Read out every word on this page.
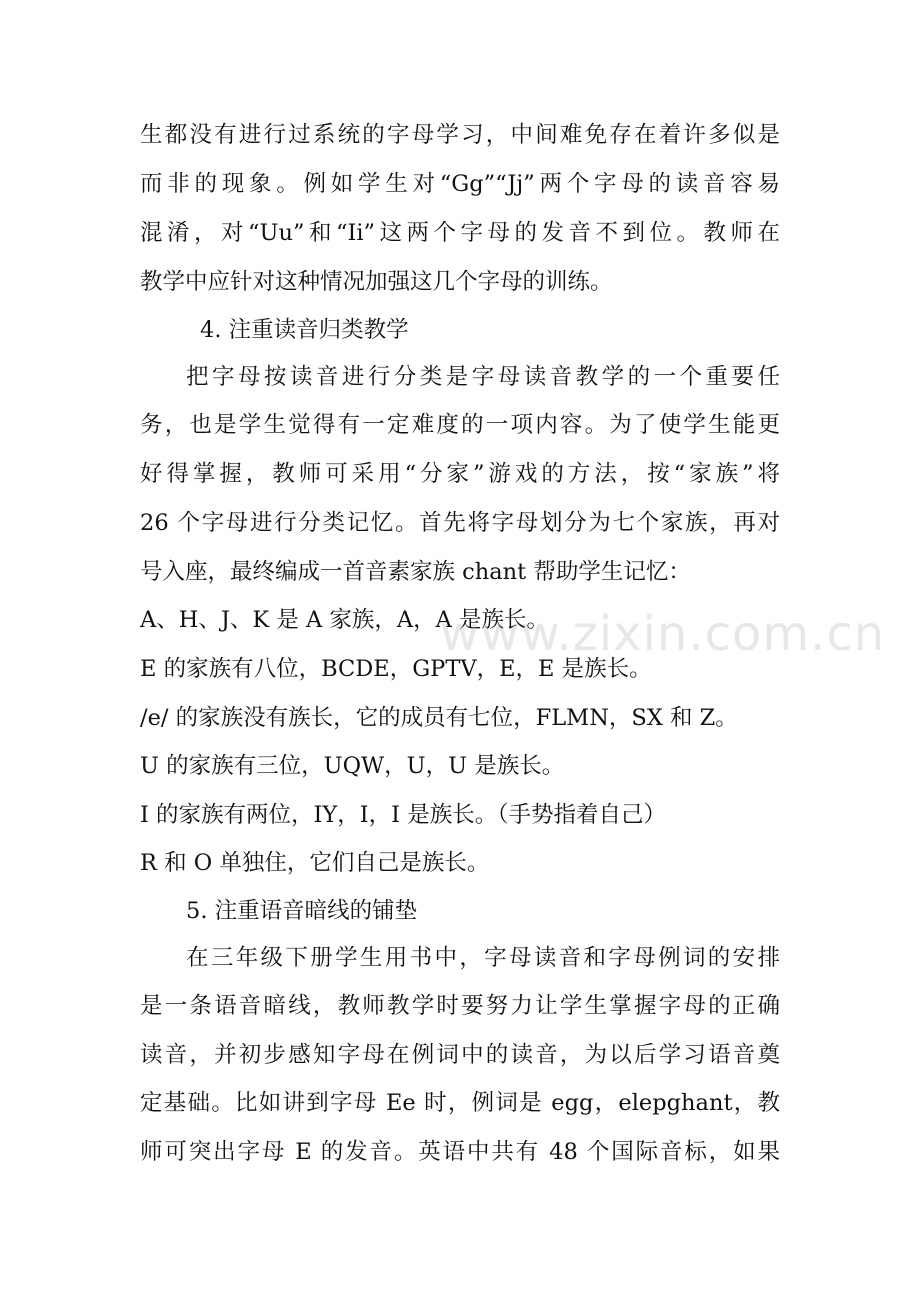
生都没有进行过系统的字母学习，中间难免存在着许多似是
而非的现象。例如学生对“Gg”“Jj”两个字母的读音容易
混淆，对“Uu”和“Ii”这两个字母的发音不到位。教师在
教学中应针对这种情况加强这几个字母的训练。
4. 注重读音归类教学
把字母按读音进行分类是字母读音教学的一个重要任
务，也是学生觉得有一定难度的一项内容。为了使学生能更
好得掌握，教师可采用“分家”游戏的方法，按“家族”将
26 个字母进行分类记忆。首先将字母划分为七个家族，再对
号入座，最终编成一首音素家族 chant 帮助学生记忆：
A、H、J、K 是 A 家族，A，A 是族长。
E 的家族有八位，BCDE，GPTV，E，E 是族长。
/e/ 的家族没有族长，它的成员有七位，FLMN，SX 和 Z。
U 的家族有三位，UQW，U，U 是族长。
I 的家族有两位，IY，I，I 是族长。（手势指着自己）
R 和 O 单独住，它们自己是族长。
5. 注重语音暗线的铺垫
在三年级下册学生用书中，字母读音和字母例词的安排
是一条语音暗线，教师教学时要努力让学生掌握字母的正确
读音，并初步感知字母在例词中的读音，为以后学习语音奠
定基础。比如讲到字母 Ee 时，例词是 egg，elepghant，教
师可突出字母 E 的发音。英语中共有 48 个国际音标，如果
www.zixin.com.cn
